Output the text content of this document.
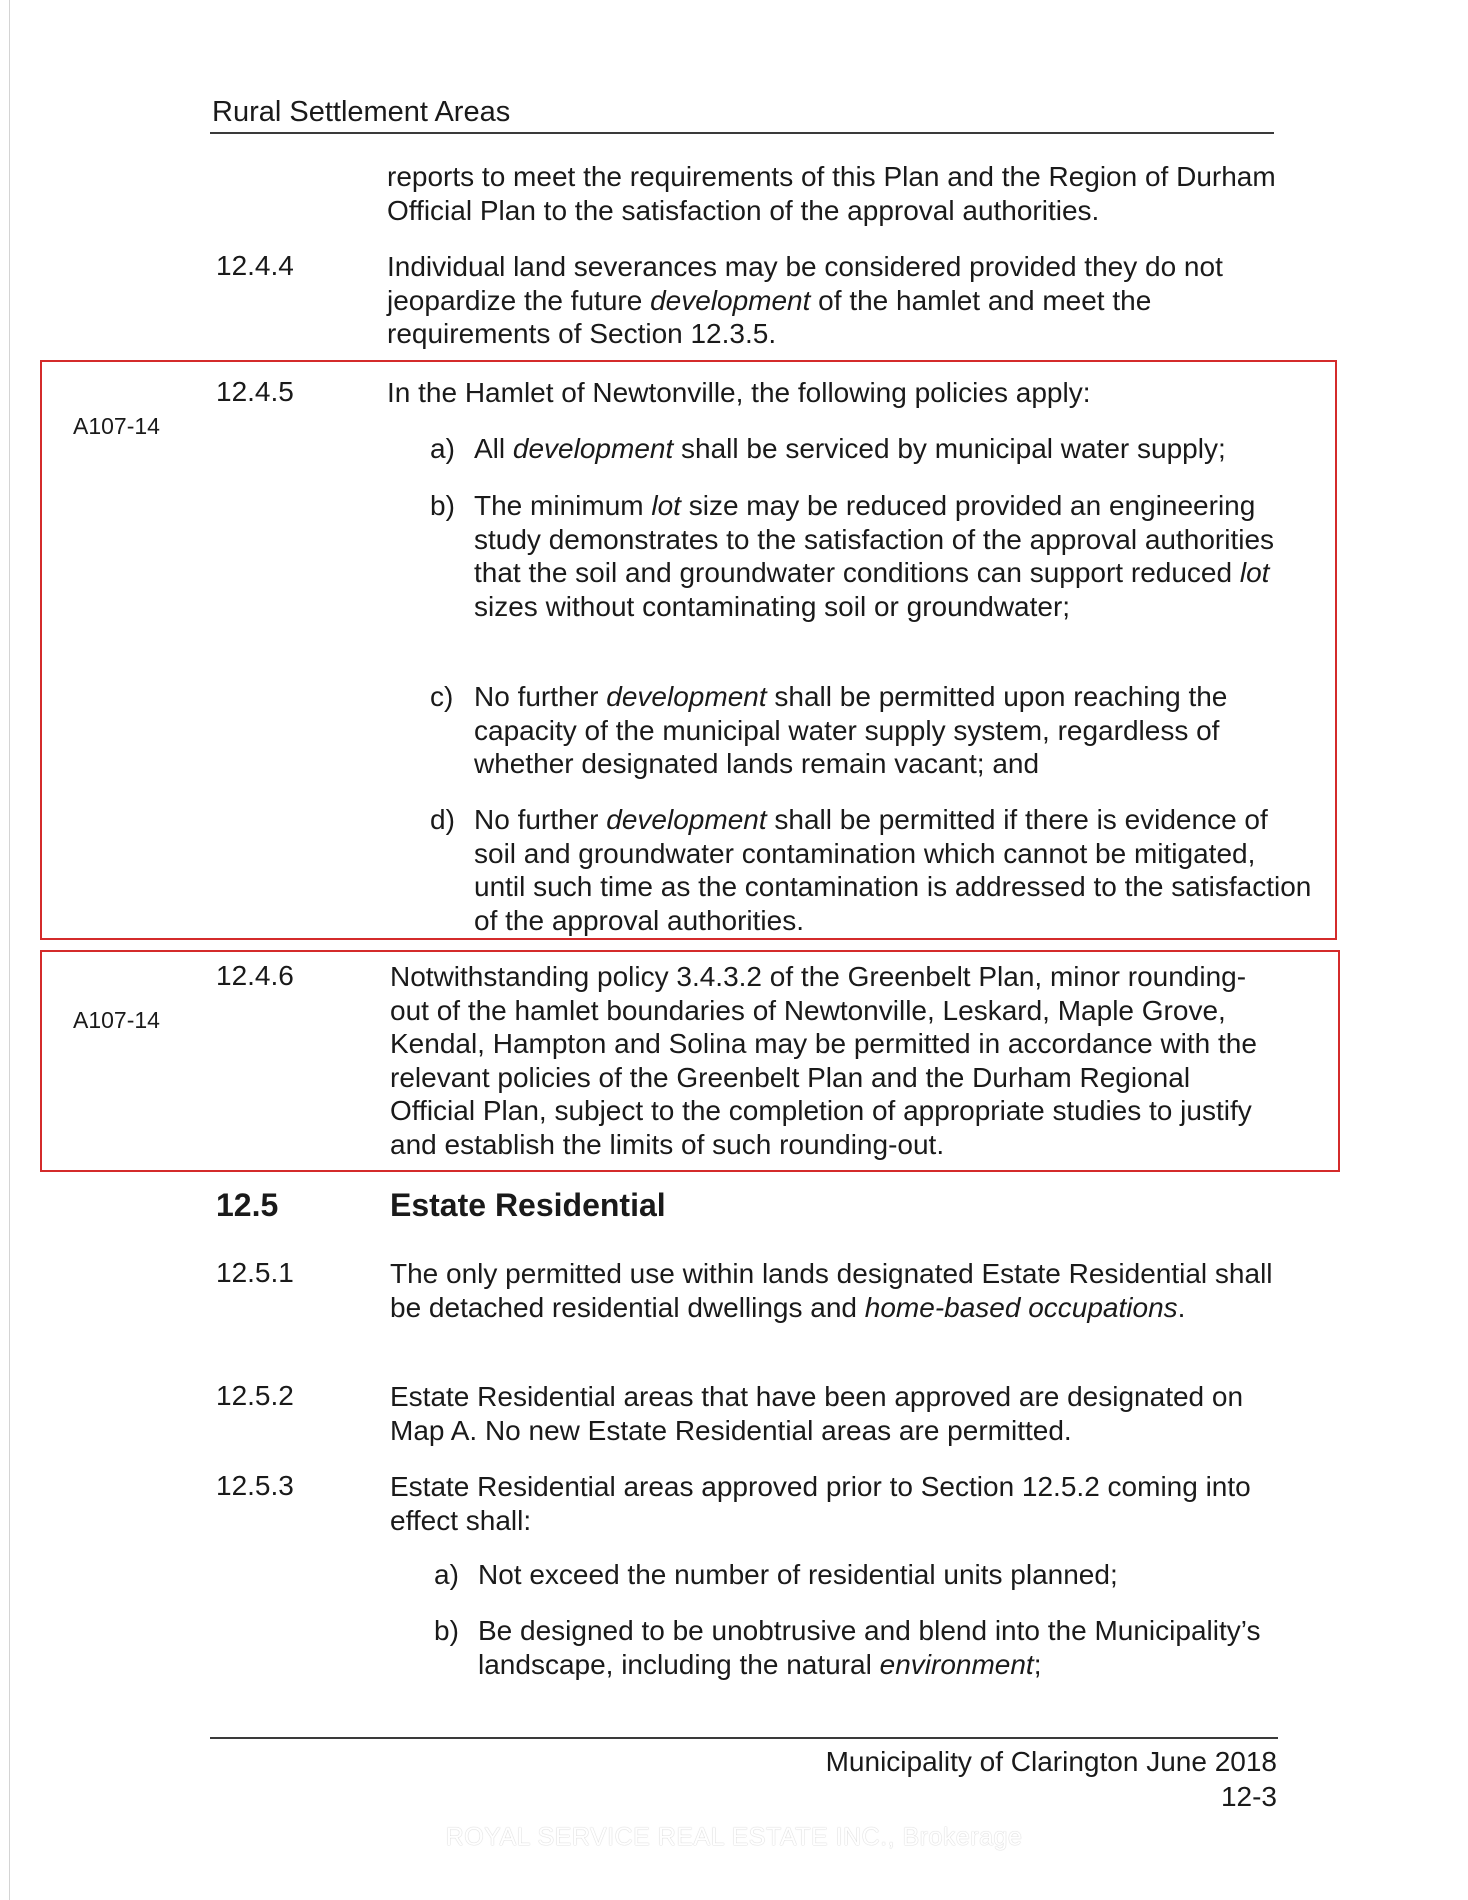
Rural Settlement Areas
reports to meet the requirements of this Plan and the Region of Durham Official Plan to the satisfaction of the approval authorities.
12.4.4	Individual land severances may be considered provided they do not jeopardize the future development of the hamlet and meet the requirements of Section 12.3.5.
A107-14
12.4.5	In the Hamlet of Newtonville, the following policies apply:
a) All development shall be serviced by municipal water supply;
b) The minimum lot size may be reduced provided an engineering study demonstrates to the satisfaction of the approval authorities that the soil and groundwater conditions can support reduced lot sizes without contaminating soil or groundwater;
c) No further development shall be permitted upon reaching the capacity of the municipal water supply system, regardless of whether designated lands remain vacant; and
d) No further development shall be permitted if there is evidence of soil and groundwater contamination which cannot be mitigated, until such time as the contamination is addressed to the satisfaction of the approval authorities.
A107-14
12.4.6	Notwithstanding policy 3.4.3.2 of the Greenbelt Plan, minor rounding-out of the hamlet boundaries of Newtonville, Leskard, Maple Grove, Kendal, Hampton and Solina may be permitted in accordance with the relevant policies of the Greenbelt Plan and the Durham Regional Official Plan, subject to the completion of appropriate studies to justify and establish the limits of such rounding-out.
12.5	Estate Residential
12.5.1	The only permitted use within lands designated Estate Residential shall be detached residential dwellings and home-based occupations.
12.5.2	Estate Residential areas that have been approved are designated on Map A. No new Estate Residential areas are permitted.
12.5.3	Estate Residential areas approved prior to Section 12.5.2 coming into effect shall:
a) Not exceed the number of residential units planned;
b) Be designed to be unobtrusive and blend into the Municipality’s landscape, including the natural environment;
Municipality of Clarington June 2018
12-3
ROYAL SERVICE REAL ESTATE INC., Brokerage
